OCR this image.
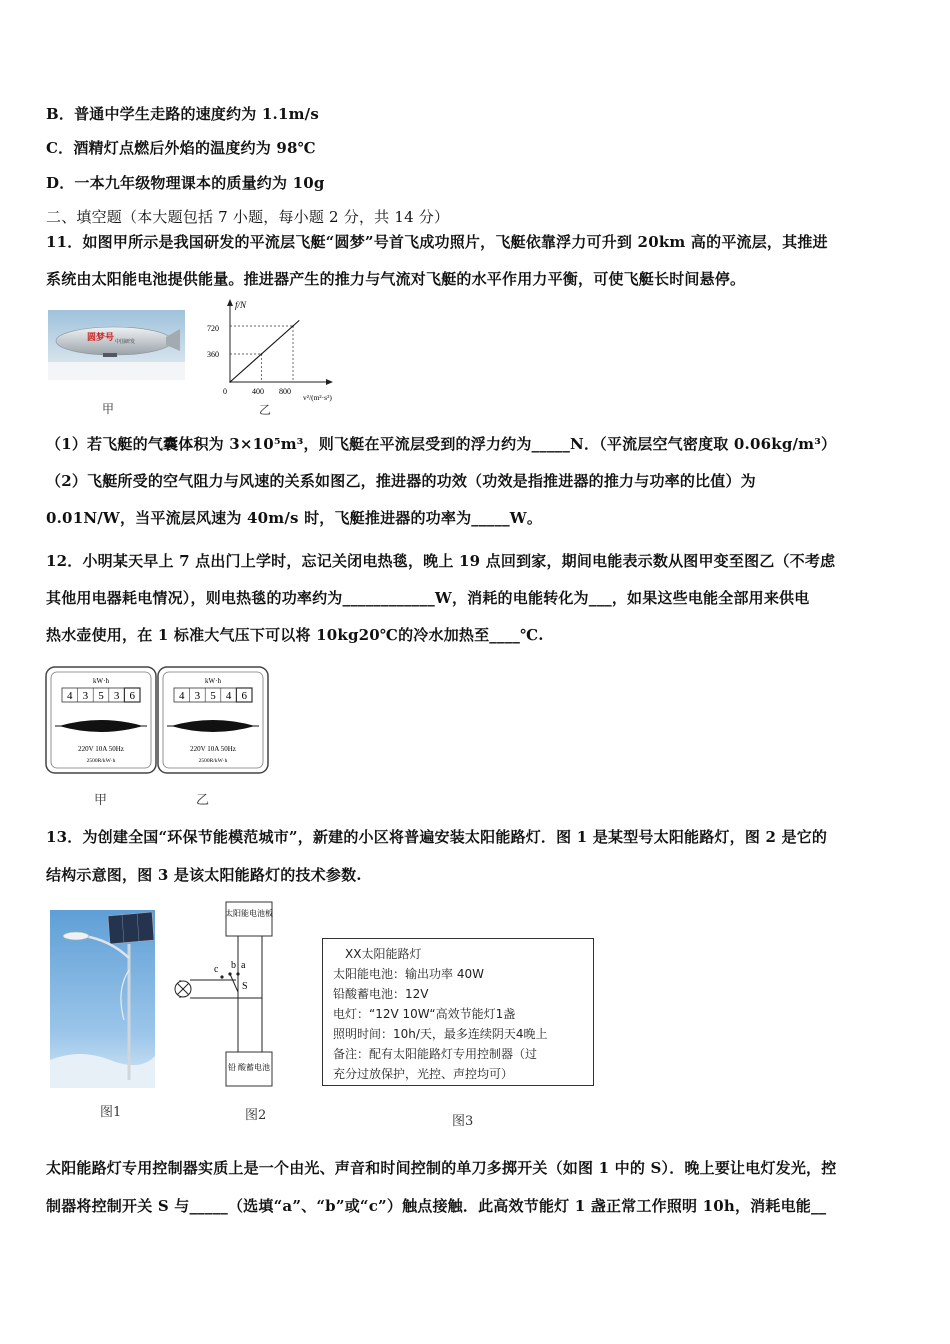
B．普通中学生走路的速度约为 1.1m/s
C．酒精灯点燃后外焰的温度约为 98℃
D．一本九年级物理课本的质量约为 10g
二、填空题（本大题包括 7 小题，每小题 2 分，共 14 分）
11．如图甲所示是我国研发的平流层飞艇“圆梦”号首飞成功照片，飞艇依靠浮力可升到 20km 高的平流层，其推进
系统由太阳能电池提供能量。推进器产生的推力与气流对飞艇的水平作用力平衡，可使飞艇长时间悬停。
圆梦号
中国研发
甲
f/N
v²/(m²·s²)
720
360
0	400 800
乙
（1）若飞艇的气囊体积为 3×10⁵m³，则飞艇在平流层受到的浮力约为_____N．（平流层空气密度取 0.06kg/m³）
（2）飞艇所受的空气阻力与风速的关系如图乙，推进器的功效（功效是指推进器的推力与功率的比值）为
0.01N/W，当平流层风速为 40m/s 时，飞艇推进器的功率为_____W。
12．小明某天早上 7 点出门上学时，忘记关闭电热毯，晚上 19 点回到家，期间电能表示数从图甲变至图乙（不考虑
其他用电器耗电情况），则电热毯的功率约为____________W，消耗的电能转化为___，如果这些电能全部用来供电
热水壶使用，在 1 标准大气压下可以将 10kg20℃的冷水加热至____℃.
kW·h
4 3 5 3 6
220V 10A 50Hz
2500R/kW·h
甲
kW·h
4 3 5 4 6
220V 10A 50Hz
2500R/kW·h
乙
13．为创建全国“环保节能模范城市”，新建的小区将普遍安装太阳能路灯．图 1 是某型号太阳能路灯，图 2 是它的
结构示意图，图 3 是该太阳能路灯的技术参数.
图1
太阳能电池板
铅 酸蓄电池
b a
c
S
图2
XX太阳能路灯
太阳能电池：输出功率 40W
铅酸蓄电池：12V
电灯：“12V 10W“高效节能灯1盏
照明时间：10h/天，最多连续阴天4晚上
备注：配有太阳能路灯专用控制器（过
充分过放保护，光控、声控均可）
图3
太阳能路灯专用控制器实质上是一个由光、声音和时间控制的单刀多掷开关（如图 1 中的 S）．晚上要让电灯发光，控
制器将控制开关 S 与_____（选填“a”、“b”或“c”）触点接触．此高效节能灯 1 盏正常工作照明 10h，消耗电能__
